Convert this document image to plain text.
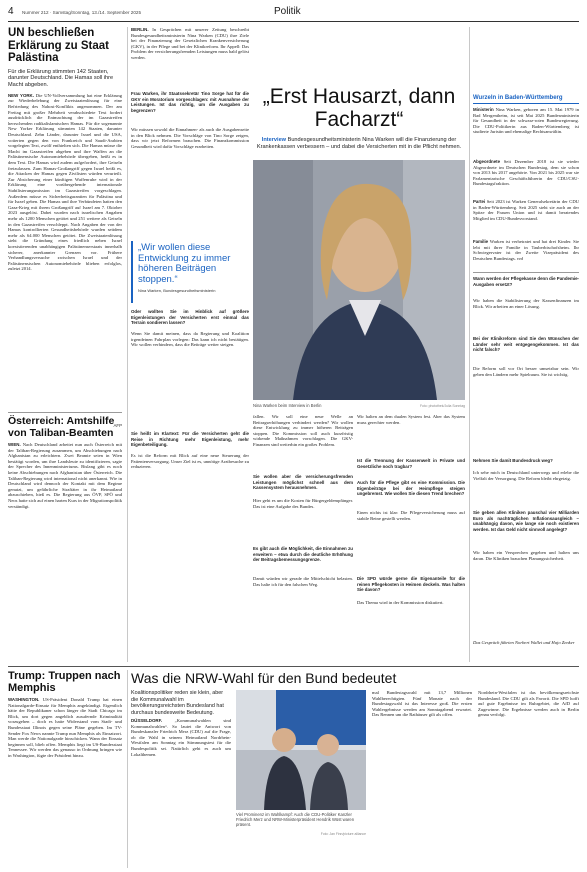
4 Nummer 212 · Samstag/Sonntag, 13./14. September 2025	Politik
UN beschließen Erklärung zu Staat Palästina
Für die Erklärung stimmten 142 Staaten, darunter Deutschland. Die Hamas soll ihre Macht abgeben.
NEW YORK. Die UN-Vollversammlung hat eine Erklärung zur Wiederbelebung der Zweistaatenlösung für eine Befriedung des Nahost-Konflikts angenommen. Der am Freitag mit großer Mehrheit verabschiedete Text fordert ausdrücklich die Entmachtung der im Gazastreifen herrschenden radikalislamischen Hamas. Für die sogenannte New Yorker Erklärung stimmten 142 Staaten, darunter Deutschland. Zehn Länder, darunter Israel und die USA, votierten gegen den von Frankreich und Saudi-Arabien vorgelegten Text, zwölf enthielten sich. Die Hamas müsse die Macht im Gazastreifen abgeben und ihre Waffen an die Palästinensische Autonomiebehörde übergeben, heißt es in dem Text. Die Hamas wird zudem aufgefordert, ihre Geiseln freizulassen. Zum Hamas-Großangriff gegen Israel heißt es, die Attacken der Hamas gegen Zivilisten würden verurteilt. Zur Absicherung einer künftigen Waffenruhe wird in der Erklärung eine vorübergehende internationale Stabilisierungsmission im Gazastreifen vorgeschlagen. Außerdem müsse es Sicherheitsgarantien für Palästina und für Israel geben. Die Hamas und ihre Verbündeten hatten den Gaza-Krieg mit ihrem Großangriff auf Israel am 7. Oktober 2023 ausgelöst. Dabei wurden nach israelischen Angaben mehr als 1200 Menschen getötet und 251 weitere als Geiseln in den Gazastreifen verschleppt. Nach Angaben der von der Hamas kontrollierten Gesundheitsbehörde wurden seitdem mehr als 64.000 Menschen getötet. Die Zweistaatenlösung sieht die Gründung eines friedlich neben Israel koexistierenden unabhängigen Palästinenserstaats innerhalb sicherer, anerkannter Grenzen vor. Frühere Verhandlungsversuche zwischen Israel und der Palästinensischen Autonomiebehörde blieben erfolglos, zuletzt 2014.
AFP
Österreich: Amtshilfe von Taliban-Beamten
WIEN. Nach Deutschland arbeitet nun auch Österreich mit der Taliban-Regierung zusammen, um Abschiebungen nach Afghanistan zu erleichtern. Zwei Beamte seien in Wien bestätigt worden, um ihre Landsleute zu identifizieren, sagte der Sprecher des Innenministeriums. Bislang gibt es noch keine Abschiebungen nach Afghanistan über Österreich. Die Taliban-Regierung wird international nicht anerkannt. Wie in Deutschland wird dennoch der Kontakt mit dem Regime genutzt, um gefährliche Straftäter in ihr Heimatland abzuschieben, hieß es. Die Regierung aus ÖVP, SPÖ und Neos hatte sich auf einen harten Kurs in der Migrationspolitik verständigt.
BERLIN. In Gesprächen mit unserer Zeitung beschreibt Bundesgesundheitsministerin Nina Warken (CDU) ihre Ziele bei der Finanzierung der Gesetzlichen Krankenversicherung (GKV), in der Pflege und bei der Klinikreform. Ihr Appell: Das Problem der versicherungsfremden Leistungen muss bald gelöst werden.
Frau Warken, ihr Staatssekretär Tino Sorge hat für die GKV ein Moratorium vorgeschlagen: mit Ausnahme der Leistungen. Ist das richtig, um die Ausgaben zu begrenzen?
Wir müssen sowohl die Einnahmen- als auch die Ausgabenseite in den Blick nehmen. Die Vorschläge von Tino Sorge zeigen, dass wir jetzt Reformen brauchen. Die Finanzkommission Gesundheit wird dafür Vorschläge erarbeiten.
„Wir wollen diese Entwicklung zu immer höheren Beiträgen stoppen.“
Nina Warken, Bundesgesundheitsministerin
Oder wollten Sie im Hinblick auf größere Eigenleistungen der Versicherten erst einmal das Terrain sondieren lassen?
Wenn Sie damit meinen, dass da Regierung und Koalition irgendeinen Fahrplan vorlegen: Das kann ich nicht bestätigen. Wir wollen verhindern, dass die Beiträge weiter steigen.
Sie heißt im Klartext: Für die Versicherten geht die Reise in Richtung mehr Eigenleistung, mehr Eigenbeteiligung.
Es ist die Reform mit Blick auf eine neue Steuerung der Patientenversorgung. Unser Ziel ist es, unnötige Arztbesuche zu reduzieren.
„Erst Hausarzt, dann Facharzt“
Interview Bundesgesundheitsministerin Nina Warken will die Finanzierung der Krankenkassen verbessern – und dabei die Versicherten mit in die Pflicht nehmen.
Nina Warken beim Interview in Berlin	Foto: photothek/Julia Sonntag
fallen. Wir soll eine neue Welle an Beitragserhöhungen verhindert werden? Wir wollen diese Entwicklung zu immer höheren Beiträgen stoppen. Die Kommission soll auch kurzfristig wirkende Maßnahmen vorschlagen. Die GKV-Finanzen sind weiterhin ein großes Problem.
Sie wollen aber die versicherungsfremden Leistungen möglichst schnell aus dem Kassensystem herausnehmen.
Hier geht es um die Kosten für Bürgergeldempfänger. Das ist eine Aufgabe des Bundes.
Es gibt auch die Möglichkeit, die Einnahmen zu erweitern – etwa durch die deutliche Erhöhung der Beitragsbemessungsgrenze.
Damit würden wir gerade die Mittelschicht belasten. Das halte ich für den falschen Weg.
Wir halten an dem dualen System fest. Aber das System muss gerechter werden.
Ist die Trennung der Kassenwelt in Private und Gesetzliche noch tragbar?
Auch für die Pflege gibt es eine Kommission. Die Eigenbeiträge bei der Heimpflege steigen ungebremst. Wie wollen Sie diesen Trend brechen?
Einen nichts ist klar: Die Pflegeversicherung muss auf stabile Beine gestellt werden.
Die SPD würde gerne die Eigenanteile für die reinen Pflegekosten in Heimen deckeln. Was halten Sie davon?
Das Thema wird in der Kommission diskutiert.
Wurzeln in Baden-Württemberg
Ministerin Nina Warken, geboren am 15. Mai 1979 in Bad Mergentheim, ist seit Mai 2025 Bundesministerin für Gesundheit in der schwarz-roten Bundesregierung. Die CDU-Politikerin aus Baden-Württemberg ist studierte Juristin und ehemalige Rechtsanwältin.
Abgeordnete Seit Dezember 2018 ist sie wieder Abgeordnete im Deutschen Bundestag, dem sie schon von 2013 bis 2017 angehörte. Von 2021 bis 2025 war sie Parlamentarische Geschäftsführerin der CDU/CSU-Bundestagsfraktion.
Partei Seit 2023 ist Warken Generalsekretärin der CDU in Baden-Württemberg. Seit 2025 steht sie auch an der Spitze der Frauen Union und ist damit beratendes Mitglied im CDU-Bundesvorstand.
Familie Warken ist verheiratet und hat drei Kinder. Sie lebt mit ihrer Familie in Tauberbischofsheim. Ihr Schwiegervater ist der Zweite Vizepräsident des Deutschen Bundestags. red
Wann werden der Pflegekasse denn die Pandemie-Ausgaben ersetzt?
Wir haben die Stabilisierung der Kassenfinanzen im Blick. Wir arbeiten an einer Lösung.
Bei der Klinikreform sind Sie den Wünschen der Länder sehr weit entgegengekommen. Ist das nicht falsch?
Die Reform soll vor Ort besser umsetzbar sein. Wir geben den Ländern mehr Spielraum. Sie ist wichtig.
Nehmen Sie damit Bundesdruck weg?
Ich sehe mich in Deutschland unterwegs und erlebe die Vielfalt der Versorgung. Die Reform bleibt ehrgeizig.
Sie geben allen Kliniken pauschal vier Milliarden Euro als nachträglichen Inflationsausgleich – unabhängig davon, wie lange sie noch existieren werden. Ist das Geld nicht sinnvoll angelegt?
Wir haben ein Versprechen gegeben und halten uns daran. Die Kliniken brauchen Planungssicherheit.
Das Gespräch führten Norbert Wallet und Hajo Zenker
Trump: Truppen nach Memphis
WASHINGTON. US-Präsident Donald Trump hat einen Nationalgarde-Einsatz für Memphis angekündigt. Eigentlich hätte der Republikaner schon länger die Stadt Chicago im Blick, um dort gegen angeblich ausufernde Kriminalität vorzugehen – doch es hatte Widerstand vom Stadt- und Bundesstaat Illinois gegen seine Pläne gegeben. Im TV-Sender Fox News nannte Trump nun Memphis als Einsatzort. Man werde die Nationalgarde hinschicken. Wann der Einsatz beginnen soll, blieb offen. Memphis liegt im US-Bundesstaat Tennessee. Wir werden das genauso in Ordnung bringen wie in Washington, fügte der Präsident hinzu.
Was die NRW-Wahl für den Bund bedeutet
Koalitionspolitiker reden sie klein, aber die Kommunalwahl im bevölkerungsreichsten Bundesland hat durchaus bundesweite Bedeutung.
DÜSSELDORF.	„Kommunalwahlen sind Kommunalwahlen“. So lautet die Antwort von Bundeskanzler Friedrich Merz (CDU) auf die Frage, ob die Wahl in seinem Heimatland Nordrhein-Westfalen am Sonntag ein Stimmungstest für die Bundespolitik sei. Natürlich geht es auch um Lokalthemen.
Viel Prominenz im Wahlkampf: Auch die CDU-Politiker Kanzler Friedrich Merz und NRW-Ministerpräsident Hendrik Wüst waren präsent.
Foto: Jan Finn/picture alliance
mal Bundestagswahl mit 13,7 Millionen Wahlberechtigten. Fünf Monate nach der Bundestagswahl ist das Interesse groß. Die ersten Wahlergebnisse werden am Sonntagabend erwartet. Das Rennen um die Rathäuser gilt als offen.
Nordrhein-Westfalen ist das bevölkerungsreichste Bundesland. Die CDU gilt als Favorit. Die SPD hofft auf gute Ergebnisse im Ruhrgebiet, die AfD auf Zugewinne. Die Ergebnisse werden auch in Berlin genau verfolgt.
